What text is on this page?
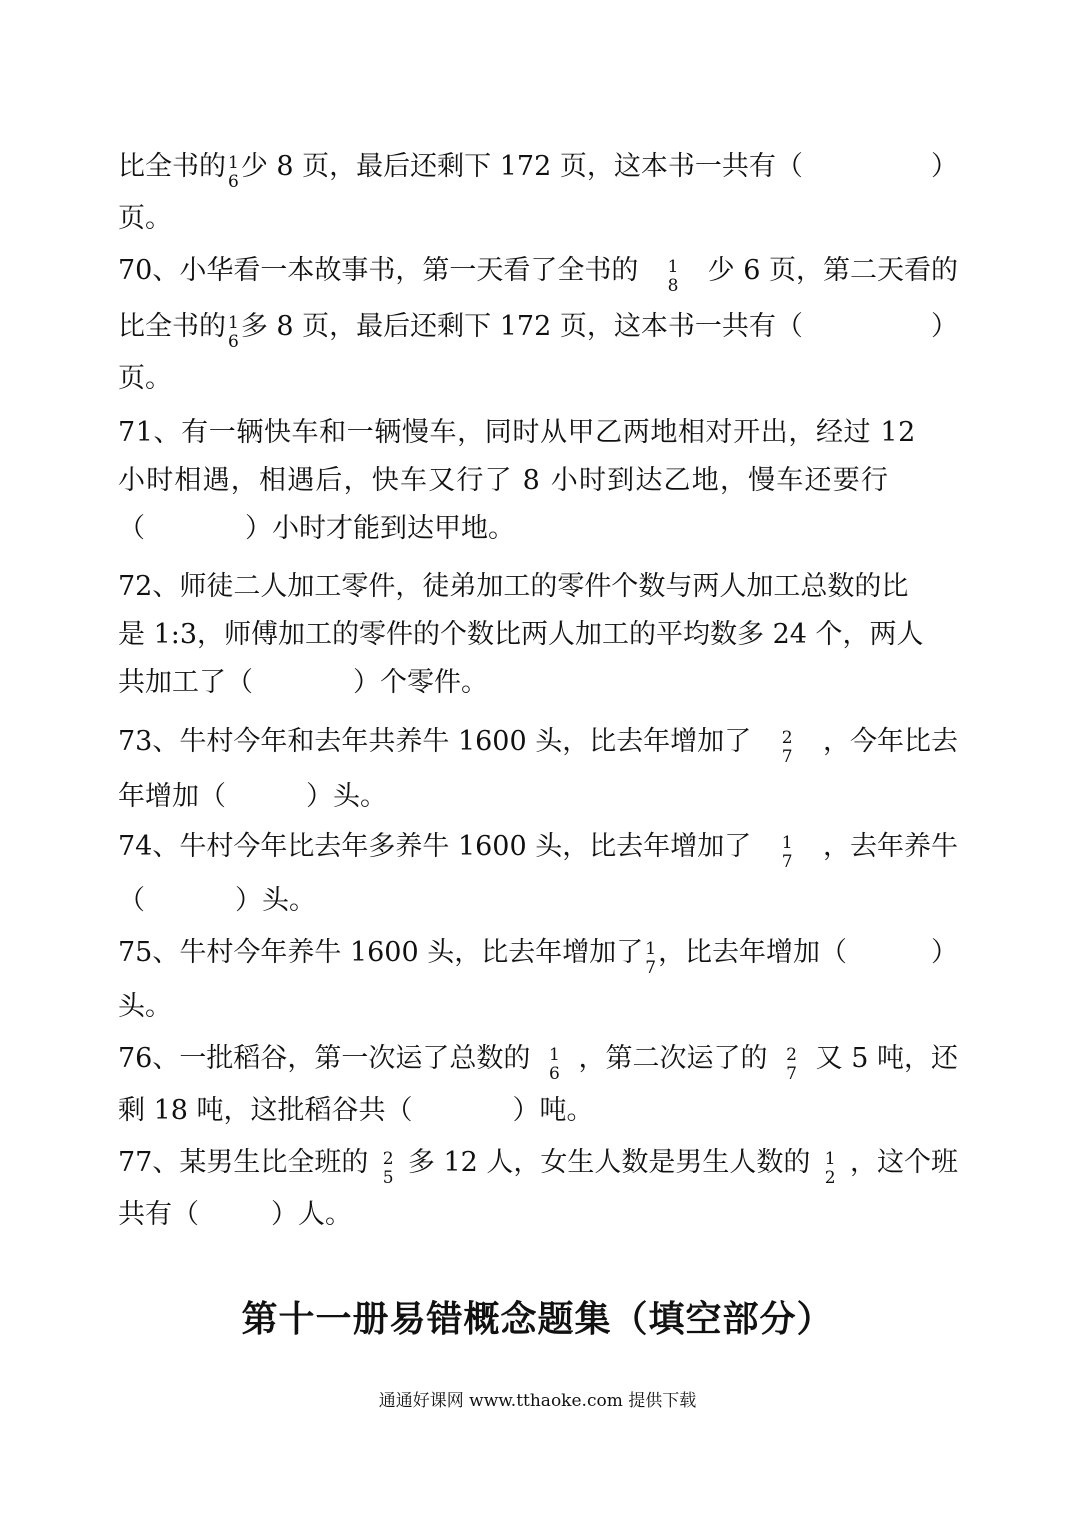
比全书的 1
6 少 8 页，最后还剩下 172 页，这本书一共有（	）
页。
70、小华看一本故事书，第一天看了全书的 1
8 少 6 页，第二天看的
比全书的 1
6 多 8 页，最后还剩下 172 页，这本书一共有（	）
页。
71、有一辆快车和一辆慢车，同时从甲乙两地相对开出，经过 12
小时相遇，相遇后，快车又行了 8 小时到达乙地，慢车还要行
（	）小时才能到达甲地。
72、师徒二人加工零件，徒弟加工的零件个数与两人加工总数的比
是 1:3，师傅加工的零件的个数比两人加工的平均数多 24 个，两人
共加工了（	）个零件。
73、牛村今年和去年共养牛 1600 头，比去年增加了 2
7 ，今年比去
年增加（	）头。
74、牛村今年比去年多养牛 1600 头，比去年增加了 1
7 ，去年养牛
（	）头。
75、牛村今年养牛 1600 头，比去年增加了 1
7 ，比去年增加（	）
头。
76、一批稻谷，第一次运了总数的 1
6 ，第二次运了的 2
7 又 5 吨，还
剩 18 吨，这批稻谷共（	）吨。
77、某男生比全班的 2
5 多 12 人，女生人数是男生人数的 1
2 ，这个班
共有（	）人。
第十一册易错概念题集（填空部分）
通通好课网 www.tthaoke.com 提供下载
